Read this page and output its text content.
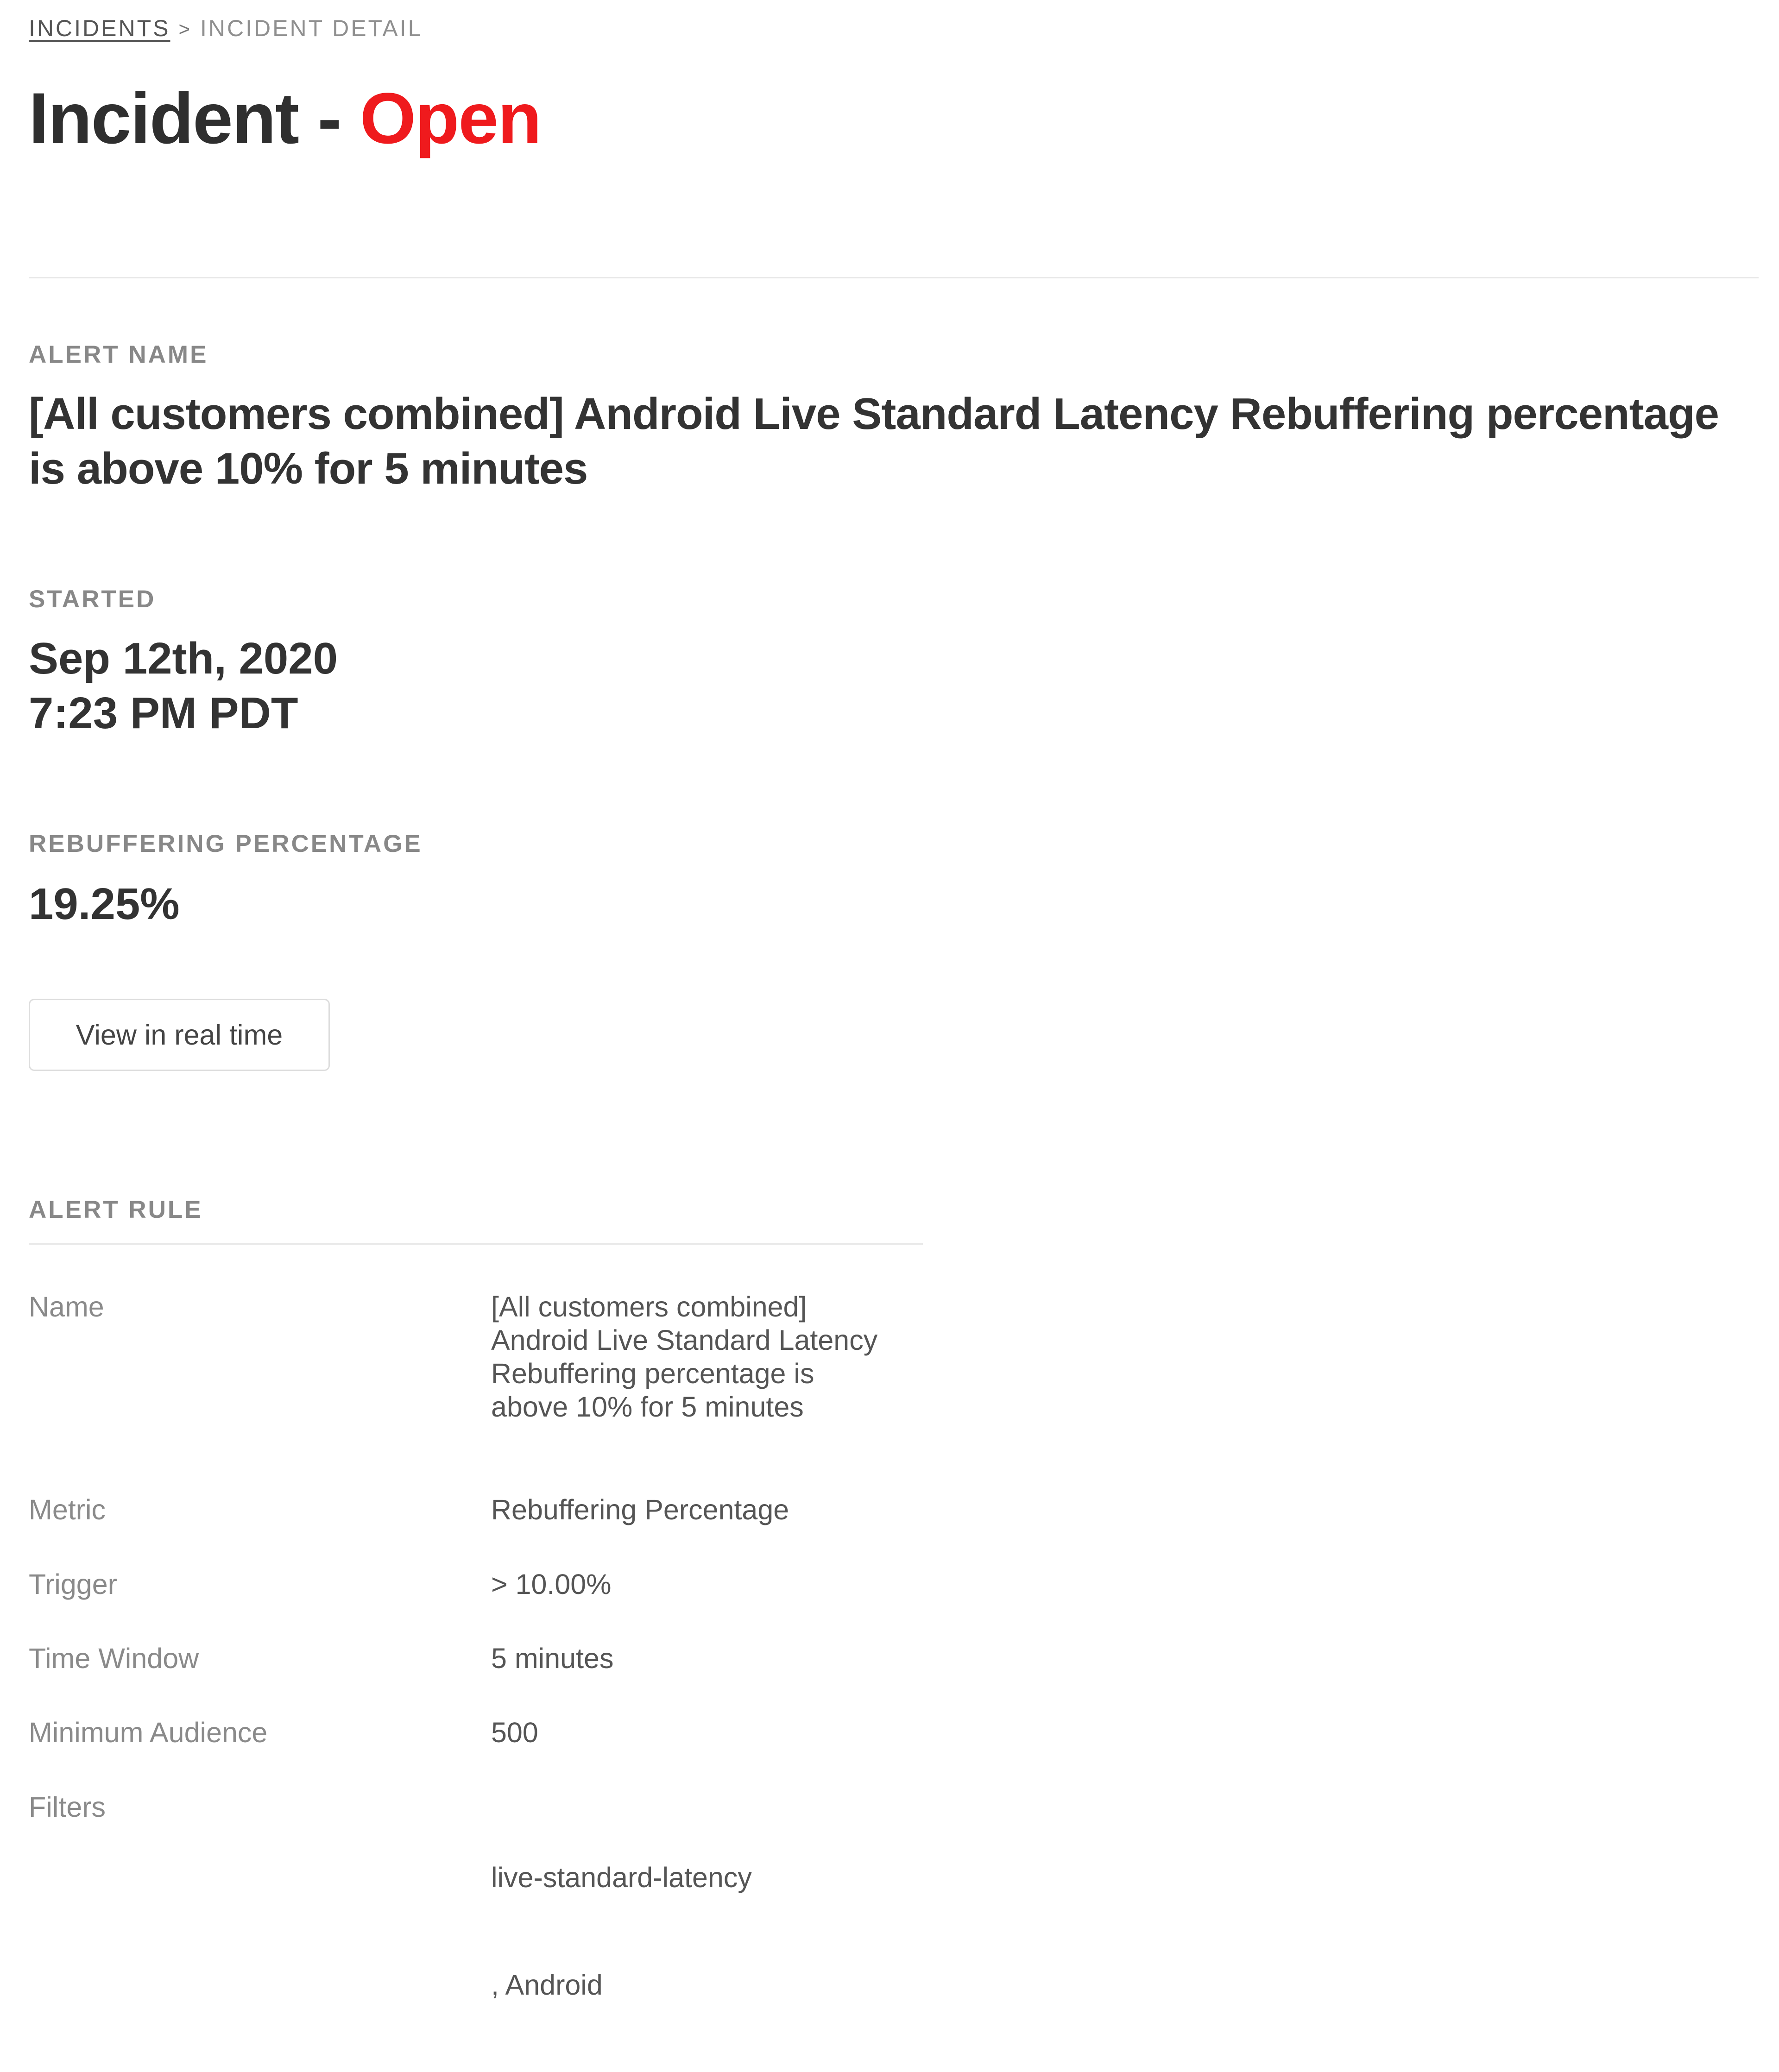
INCIDENTS > INCIDENT DETAIL
Incident - Open
ALERT NAME

[All customers combined] Android Live Standard Latency Rebuffering percentage is above 10% for 5 minutes

STARTED

Sep 12th, 2020
7:23 PM PDT

REBUFFERING PERCENTAGE

19.25%

View in real time
ALERT RULE
Name	[All customers combined] Android Live Standard Latency Rebuffering percentage is above 10% for 5 minutes
Metric	Rebuffering Percentage
Trigger	> 10.00%
Time Window	5 minutes
Minimum Audience	500
Filters

live-standard-latency

, Android
